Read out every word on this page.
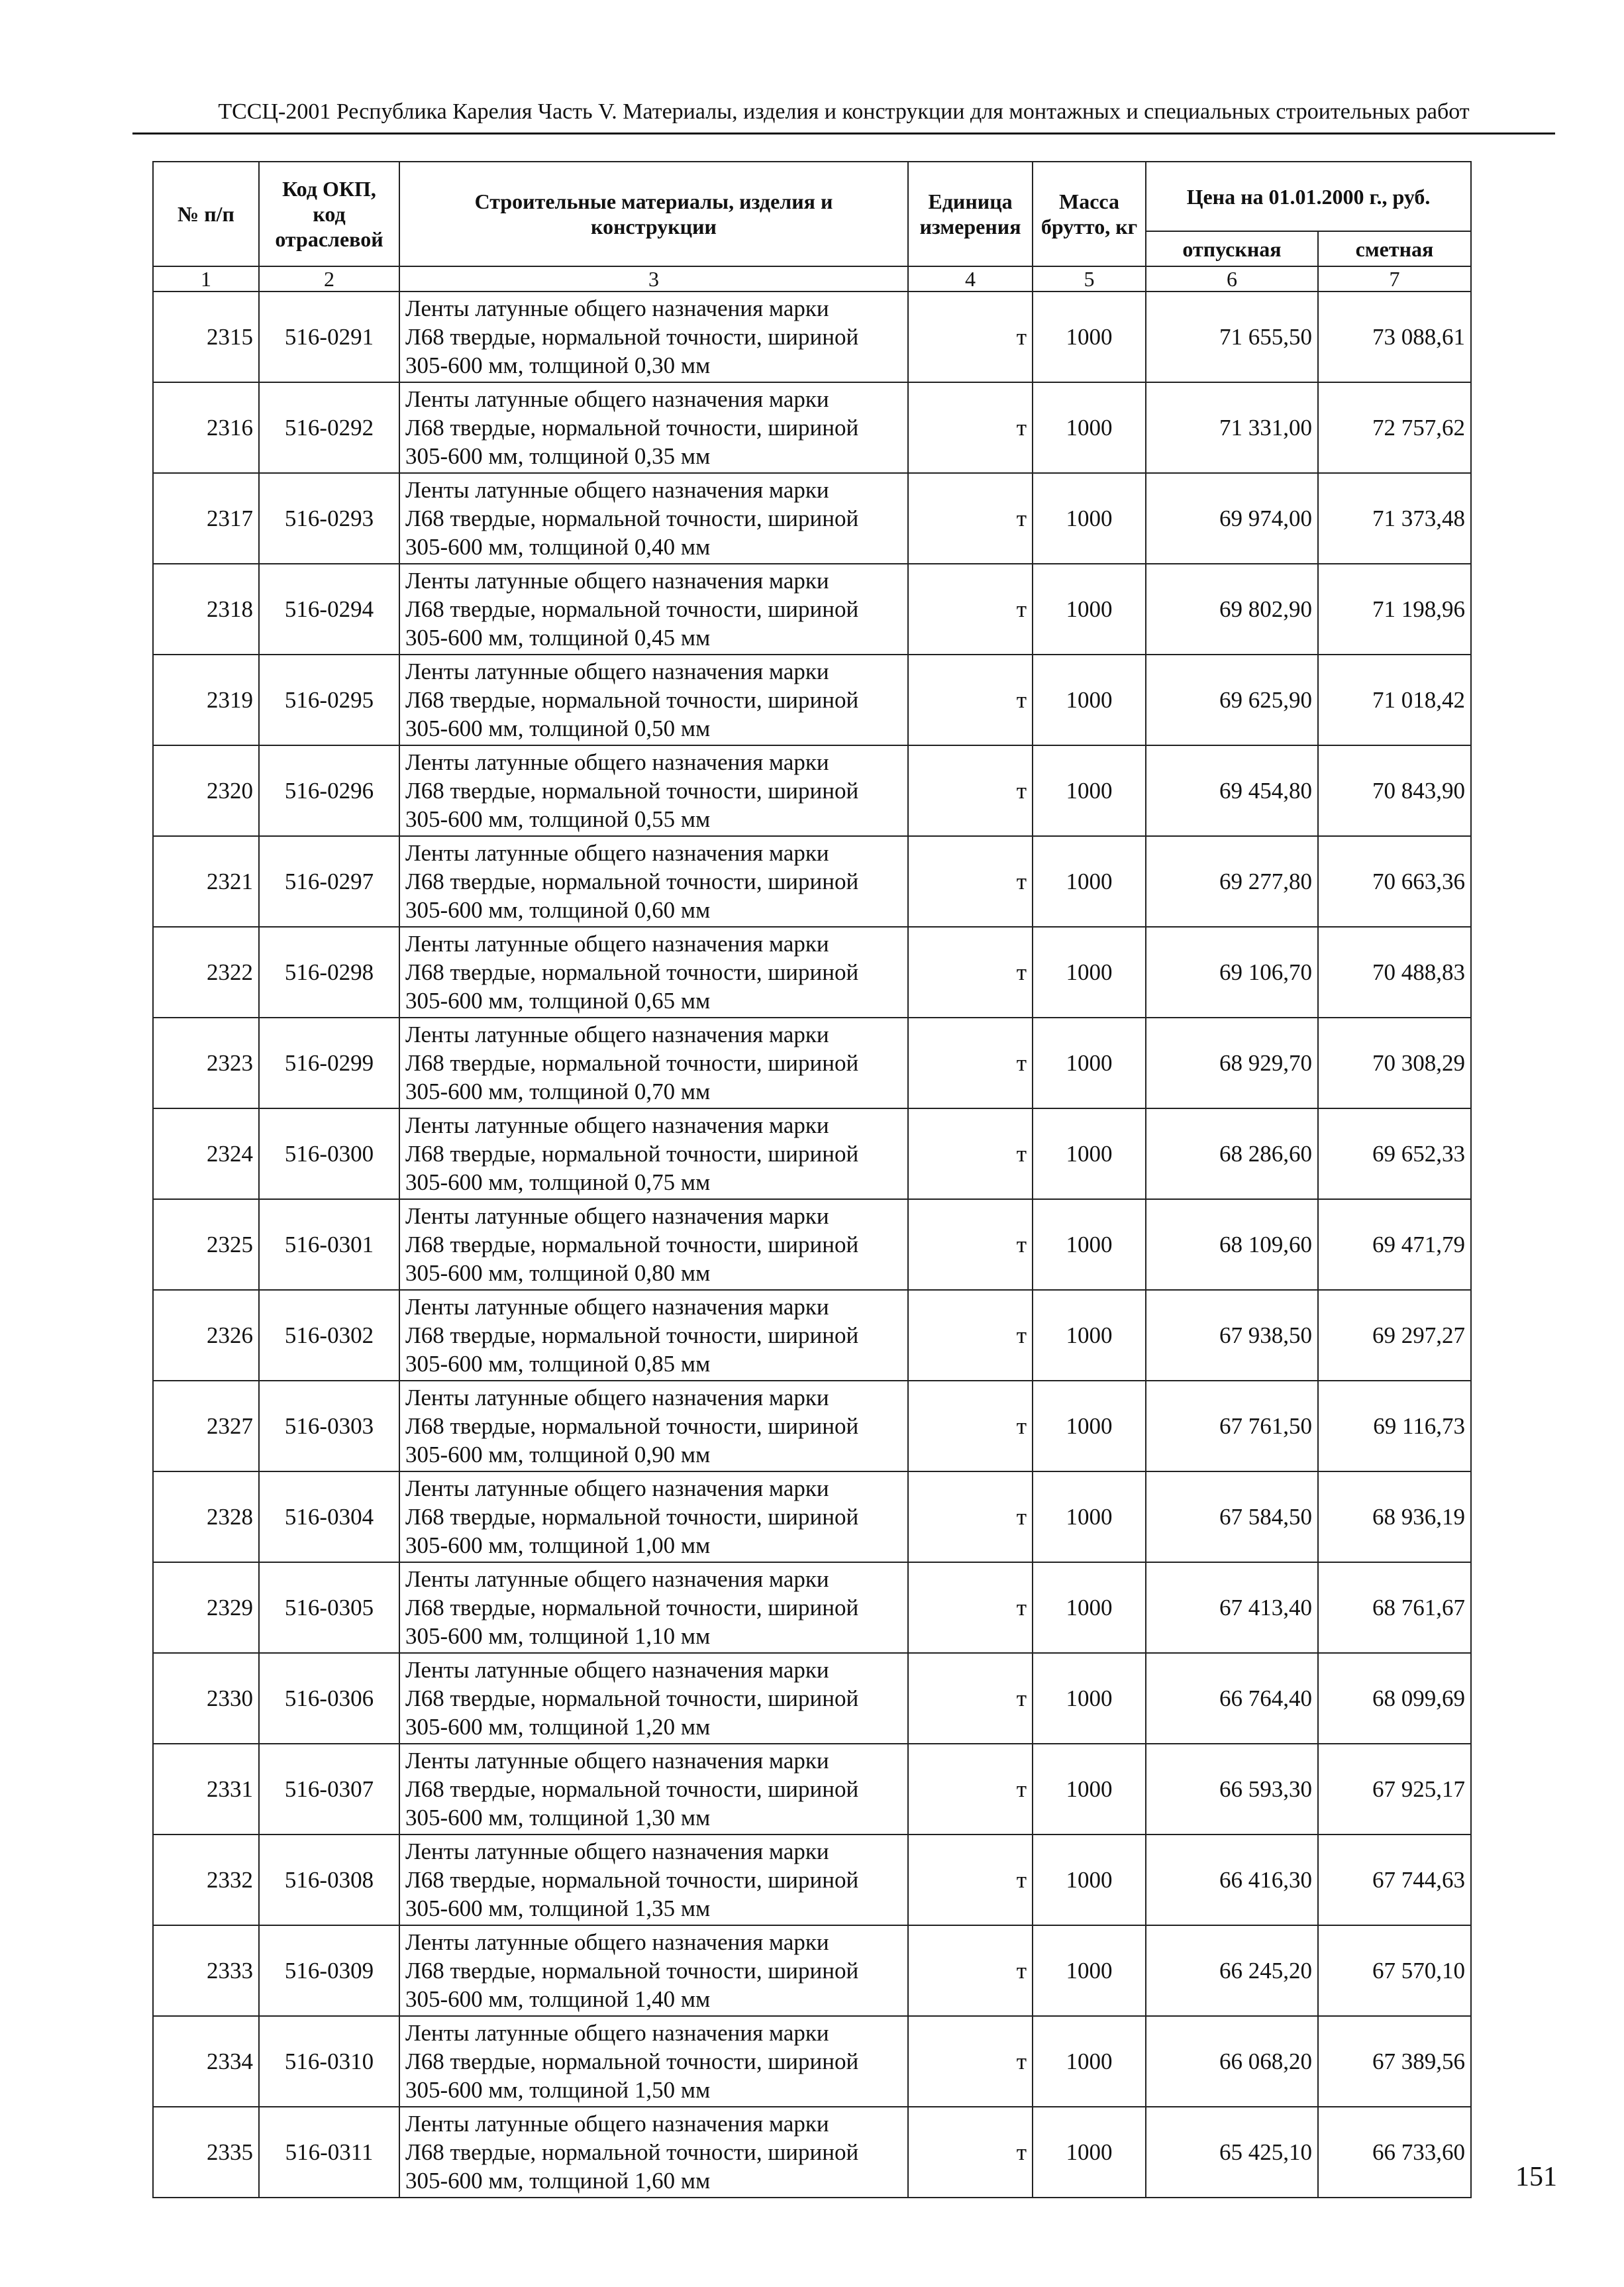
ТССЦ-2001 Республика Карелия Часть V. Материалы, изделия и конструкции для монтажных и специальных строительных работ
№ п/п	Код ОКП,
код
отраслевой	Строительные материалы, изделия и
конструкции	Единица
измерения	Масса
брутто, кг	Цена на 01.01.2000 г., руб.	
					отпускная	сметная
1	2	3	4	5	6	7
2315	516-0291	Ленты латунные общего назначения марки
Л68 твердые, нормальной точности, шириной
305-600 мм, толщиной 0,30 мм	т	1000	71 655,50	73 088,61
2316	516-0292	Ленты латунные общего назначения марки
Л68 твердые, нормальной точности, шириной
305-600 мм, толщиной 0,35 мм	т	1000	71 331,00	72 757,62
2317	516-0293	Ленты латунные общего назначения марки
Л68 твердые, нормальной точности, шириной
305-600 мм, толщиной 0,40 мм	т	1000	69 974,00	71 373,48
2318	516-0294	Ленты латунные общего назначения марки
Л68 твердые, нормальной точности, шириной
305-600 мм, толщиной 0,45 мм	т	1000	69 802,90	71 198,96
2319	516-0295	Ленты латунные общего назначения марки
Л68 твердые, нормальной точности, шириной
305-600 мм, толщиной 0,50 мм	т	1000	69 625,90	71 018,42
2320	516-0296	Ленты латунные общего назначения марки
Л68 твердые, нормальной точности, шириной
305-600 мм, толщиной 0,55 мм	т	1000	69 454,80	70 843,90
2321	516-0297	Ленты латунные общего назначения марки
Л68 твердые, нормальной точности, шириной
305-600 мм, толщиной 0,60 мм	т	1000	69 277,80	70 663,36
2322	516-0298	Ленты латунные общего назначения марки
Л68 твердые, нормальной точности, шириной
305-600 мм, толщиной 0,65 мм	т	1000	69 106,70	70 488,83
2323	516-0299	Ленты латунные общего назначения марки
Л68 твердые, нормальной точности, шириной
305-600 мм, толщиной 0,70 мм	т	1000	68 929,70	70 308,29
2324	516-0300	Ленты латунные общего назначения марки
Л68 твердые, нормальной точности, шириной
305-600 мм, толщиной 0,75 мм	т	1000	68 286,60	69 652,33
2325	516-0301	Ленты латунные общего назначения марки
Л68 твердые, нормальной точности, шириной
305-600 мм, толщиной 0,80 мм	т	1000	68 109,60	69 471,79
2326	516-0302	Ленты латунные общего назначения марки
Л68 твердые, нормальной точности, шириной
305-600 мм, толщиной 0,85 мм	т	1000	67 938,50	69 297,27
2327	516-0303	Ленты латунные общего назначения марки
Л68 твердые, нормальной точности, шириной
305-600 мм, толщиной 0,90 мм	т	1000	67 761,50	69 116,73
2328	516-0304	Ленты латунные общего назначения марки
Л68 твердые, нормальной точности, шириной
305-600 мм, толщиной 1,00 мм	т	1000	67 584,50	68 936,19
2329	516-0305	Ленты латунные общего назначения марки
Л68 твердые, нормальной точности, шириной
305-600 мм, толщиной 1,10 мм	т	1000	67 413,40	68 761,67
2330	516-0306	Ленты латунные общего назначения марки
Л68 твердые, нормальной точности, шириной
305-600 мм, толщиной 1,20 мм	т	1000	66 764,40	68 099,69
2331	516-0307	Ленты латунные общего назначения марки
Л68 твердые, нормальной точности, шириной
305-600 мм, толщиной 1,30 мм	т	1000	66 593,30	67 925,17
2332	516-0308	Ленты латунные общего назначения марки
Л68 твердые, нормальной точности, шириной
305-600 мм, толщиной 1,35 мм	т	1000	66 416,30	67 744,63
2333	516-0309	Ленты латунные общего назначения марки
Л68 твердые, нормальной точности, шириной
305-600 мм, толщиной 1,40 мм	т	1000	66 245,20	67 570,10
2334	516-0310	Ленты латунные общего назначения марки
Л68 твердые, нормальной точности, шириной
305-600 мм, толщиной 1,50 мм	т	1000	66 068,20	67 389,56
2335	516-0311	Ленты латунные общего назначения марки
Л68 твердые, нормальной точности, шириной
305-600 мм, толщиной 1,60 мм	т	1000	65 425,10	66 733,60
151
